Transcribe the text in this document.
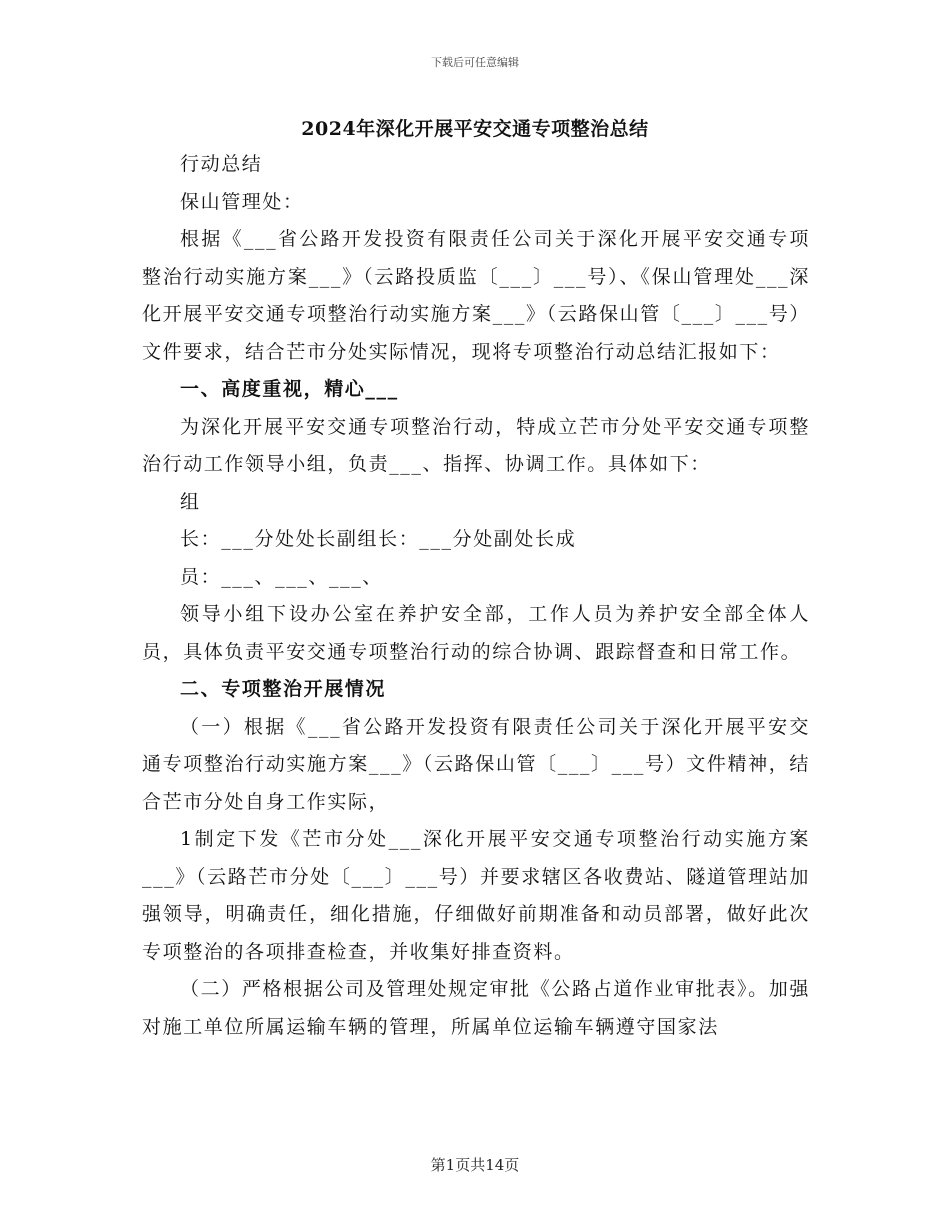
下载后可任意编辑
2024年深化开展平安交通专项整治总结

行动总结

保山管理处：

根据《___省公路开发投资有限责任公司关于深化开展平安交通专项整治行动实施方案___》（云路投质监〔___〕___号）、《保山管理处___深化开展平安交通专项整治行动实施方案___》（云路保山管〔___〕___号）文件要求，结合芒市分处实际情况，现将专项整治行动总结汇报如下：

一、高度重视，精心___

为深化开展平安交通专项整治行动，特成立芒市分处平安交通专项整治行动工作领导小组，负责___、指挥、协调工作。具体如下：

组

长：___分处处长副组长：___分处副处长成

员：___、___、___、

领导小组下设办公室在养护安全部，工作人员为养护安全部全体人员，具体负责平安交通专项整治行动的综合协调、跟踪督查和日常工作。

二、专项整治开展情况

（一）根据《___省公路开发投资有限责任公司关于深化开展平安交通专项整治行动实施方案___》（云路保山管〔___〕___号）文件精神，结合芒市分处自身工作实际，

1制定下发《芒市分处___深化开展平安交通专项整治行动实施方案___》（云路芒市分处〔___〕___号）并要求辖区各收费站、隧道管理站加强领导，明确责任，细化措施，仔细做好前期准备和动员部署，做好此次专项整治的各项排查检查，并收集好排查资料。

（二）严格根据公司及管理处规定审批《公路占道作业审批表》。加强对施工单位所属运输车辆的管理，所属单位运输车辆遵守国家法

第1页共14页
